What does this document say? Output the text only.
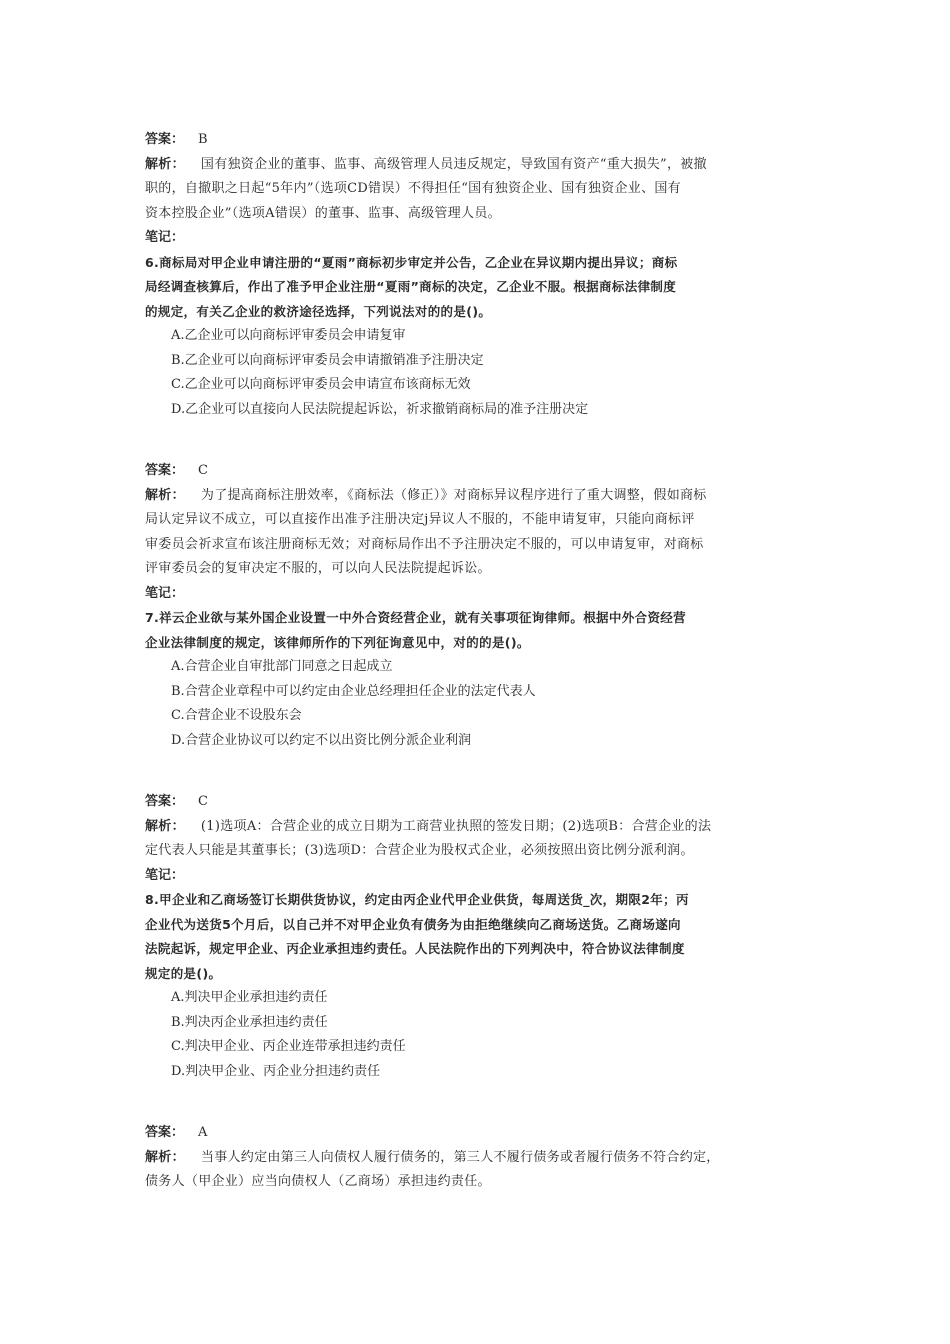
答案： B
解析： 国有独资企业的董事、监事、高级管理人员违反规定，导致国有资产“重大损失”，被撤
职的，自撤职之日起“5年内”（选项CD错误）不得担任“国有独资企业、国有独资企业、国有
资本控股企业”（选项A错误）的董事、监事、高级管理人员。
笔记：
6.商标局对甲企业申请注册的“夏雨”商标初步审定并公告，乙企业在异议期内提出异议；商标
局经调查核算后，作出了准予甲企业注册“夏雨”商标的决定，乙企业不服。根据商标法律制度
的规定，有关乙企业的救济途径选择，下列说法对的的是()。
A.乙企业可以向商标评审委员会申请复审
B.乙企业可以向商标评审委员会申请撤销准予注册决定
C.乙企业可以向商标评审委员会申请宣布该商标无效
D.乙企业可以直接向人民法院提起诉讼，祈求撤销商标局的准予注册决定
答案： C
解析： 为了提高商标注册效率，《商标法（修正）》对商标异议程序进行了重大调整，假如商标
局认定异议不成立，可以直接作出准予注册决定j异议人不服的，不能申请复审，只能向商标评
审委员会祈求宣布该注册商标无效；对商标局作出不予注册决定不服的，可以申请复审，对商标
评审委员会的复审决定不服的，可以向人民法院提起诉讼。
笔记：
7.祥云企业欲与某外国企业设置一中外合资经营企业，就有关事项征询律师。根据中外合资经营
企业法律制度的规定，该律师所作的下列征询意见中，对的的是()。
A.合营企业自审批部门同意之日起成立
B.合营企业章程中可以约定由企业总经理担任企业的法定代表人
C.合营企业不设股东会
D.合营企业协议可以约定不以出资比例分派企业利润
答案： C
解析： (1)选项A：合营企业的成立日期为工商营业执照的签发日期；(2)选项B：合营企业的法
定代表人只能是其董事长；(3)选项D：合营企业为股权式企业，必须按照出资比例分派利润。
笔记：
8.甲企业和乙商场签订长期供货协议，约定由丙企业代甲企业供货，每周送货_次，期限2年；丙
企业代为送货5个月后，以自己并不对甲企业负有债务为由拒绝继续向乙商场送货。乙商场遂向
法院起诉，规定甲企业、丙企业承担违约责任。人民法院作出的下列判决中，符合协议法律制度
规定的是()。
A.判决甲企业承担违约责任
B.判决丙企业承担违约责任
C.判决甲企业、丙企业连带承担违约责任
D.判决甲企业、丙企业分担违约责任
答案： A
解析： 当事人约定由第三人向债权人履行债务的，第三人不履行债务或者履行债务不符合约定，
债务人（甲企业）应当向债权人（乙商场）承担违约责任。
